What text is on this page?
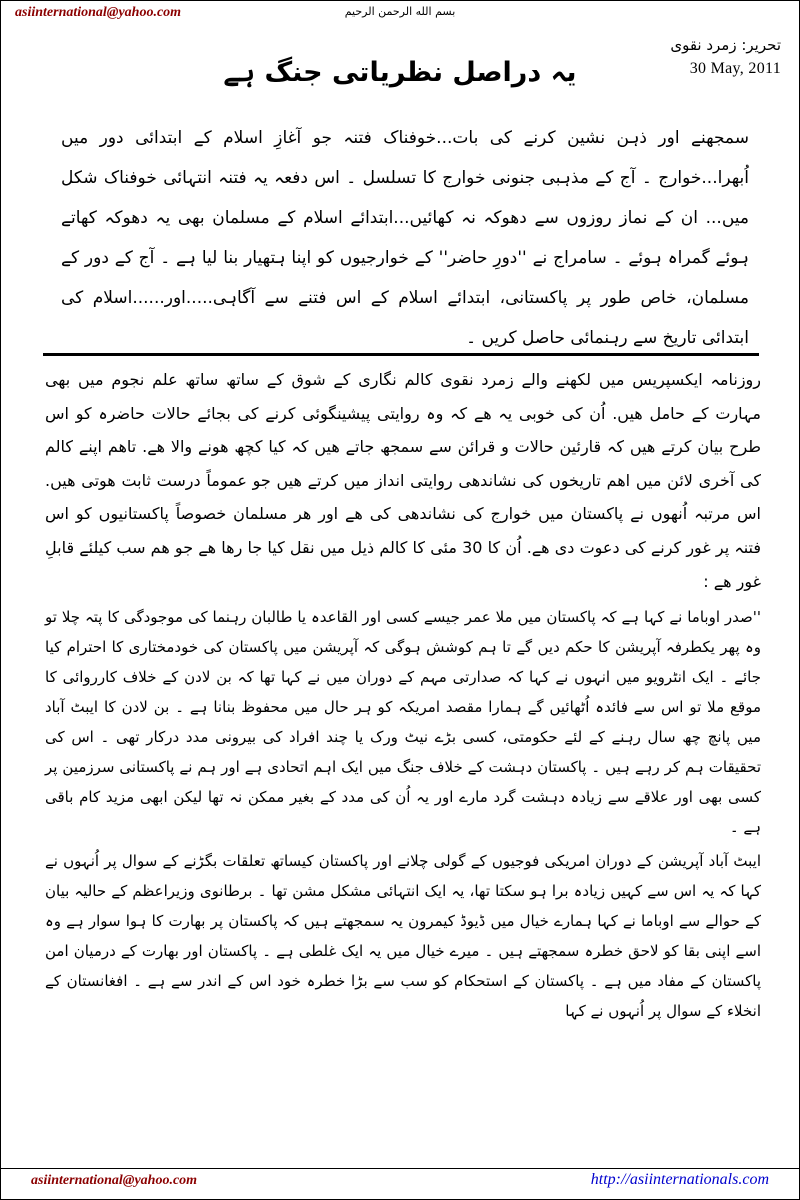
asiinternational@yahoo.com	بسم الله الرحمن الرحيم
تحرير: زمرد نقوی
30 May, 2011
یہ دراصل نظریاتی جنگ ہے
سمجھنے اور ذہن نشین کرنے کی بات...خوفناک فتنہ جو آغازِ اسلام کے ابتدائی دور میں اُبھرا...خوارج ۔ آج کے مذہبی جنونی خوارج کا تسلسل ۔ اس دفعہ یہ فتنہ انتہائی خوفناک شکل میں... ان کے نماز روزوں سے دھوکہ نہ کھائیں...ابتدائے اسلام کے مسلمان بھی یہ دھوکہ کھاتے ہوئے گمراہ ہوئے ۔ سامراج نے ''دورِ حاضر'' کے خوارجیوں کو اپنا ہتھیار بنا لیا ہے ۔ آج کے دور کے مسلمان، خاص طور پر پاکستانی، ابتدائے اسلام کے اس فتنے سے آگاہی.....اور......اسلام کی ابتدائی تاریخ سے رہنمائی حاصل کریں ۔

روزنامہ ایکسپریس میں لکھنے والے زمرد نقوی کالم نگاری کے شوق کے ساتھ ساتھ علم نجوم میں بھی مہارت کے حامل ھیں. اُن کی خوبی یہ ھے کہ وہ روایتی پیشینگوئی کرنے کی بجائے حالات حاضرہ کو اس طرح بیان کرتے ھیں کہ قارئین حالات و قرائن سے سمجھ جاتے ھیں کہ کیا کچھ ھونے والا ھے. تاھم اپنے کالم کی آخری لائن میں اھم تاریخوں کی نشاندھی روایتی انداز میں کرتے ھیں جو عموماً درست ثابت ھوتی ھیں. اس مرتبہ اُنھوں نے پاکستان میں خوارج کی نشاندھی کی ھے اور ھر مسلمان خصوصاً پاکستانیوں کو اس فتنہ پر غور کرنے کی دعوت دی ھے. اُن کا 30 مئی کا کالم ذیل میں نقل کیا جا رھا ھے جو ھم سب کیلئے قابلِ غور ھے :

''صدر اوباما نے کہا ہے کہ پاکستان میں ملا عمر جیسے کسی اور القاعدہ یا طالبان رہنما کی موجودگی کا پتہ چلا تو وہ پھر یکطرفہ آپریشن کا حکم دیں گے تا ہم کوشش ہوگی کہ آپریشن میں پاکستان کی خودمختاری کا احترام کیا جائے ۔ ایک انٹرویو میں انہوں نے کہا کہ صدارتی مہم کے دوران میں نے کہا تھا کہ بن لادن کے خلاف کارروائی کا موقع ملا تو اس سے فائدہ اُٹھائیں گے ہمارا مقصد امریکہ کو ہر حال میں محفوظ بنانا ہے ۔ بن لادن کا ایبٹ آباد میں پانچ چھ سال رہنے کے لئے حکومتی، کسی بڑے نیٹ ورک یا چند افراد کی بیرونی مدد درکار تھی ۔ اس کی تحقیقات ہم کر رہے ہیں ۔ پاکستان دہشت کے خلاف جنگ میں ایک اہم اتحادی ہے اور ہم نے پاکستانی سرزمین پر کسی بھی اور علاقے سے زیادہ دہشت گرد مارے اور یہ اُن کی مدد کے بغیر ممکن نہ تھا لیکن ابھی مزید کام باقی ہے ۔

ایبٹ آباد آپریشن کے دوران امریکی فوجیوں کے گولی چلانے اور پاکستان کیساتھ تعلقات بگڑنے کے سوال پر اُنہوں نے کہا کہ یہ اس سے کہیں زیادہ برا ہو سکتا تھا، یہ ایک انتہائی مشکل مشن تھا ۔ برطانوی وزیراعظم کے حالیہ بیان کے حوالے سے اوباما نے کہا ہمارے خیال میں ڈیوڈ کیمرون یہ سمجھتے ہیں کہ پاکستان پر بھارت کا ہوا سوار ہے وہ اسے اپنی بقا کو لاحق خطرہ سمجھتے ہیں ۔ میرے خیال میں یہ ایک غلطی ہے ۔ پاکستان اور بھارت کے درمیان امن پاکستان کے مفاد میں ہے ۔ پاکستان کے استحکام کو سب سے بڑا خطرہ خود اس کے اندر سے ہے ۔ افغانستان کے انخلاء کے سوال پر اُنہوں نے کہا

asiinternational@yahoo.com	http://asiinternationals.com
